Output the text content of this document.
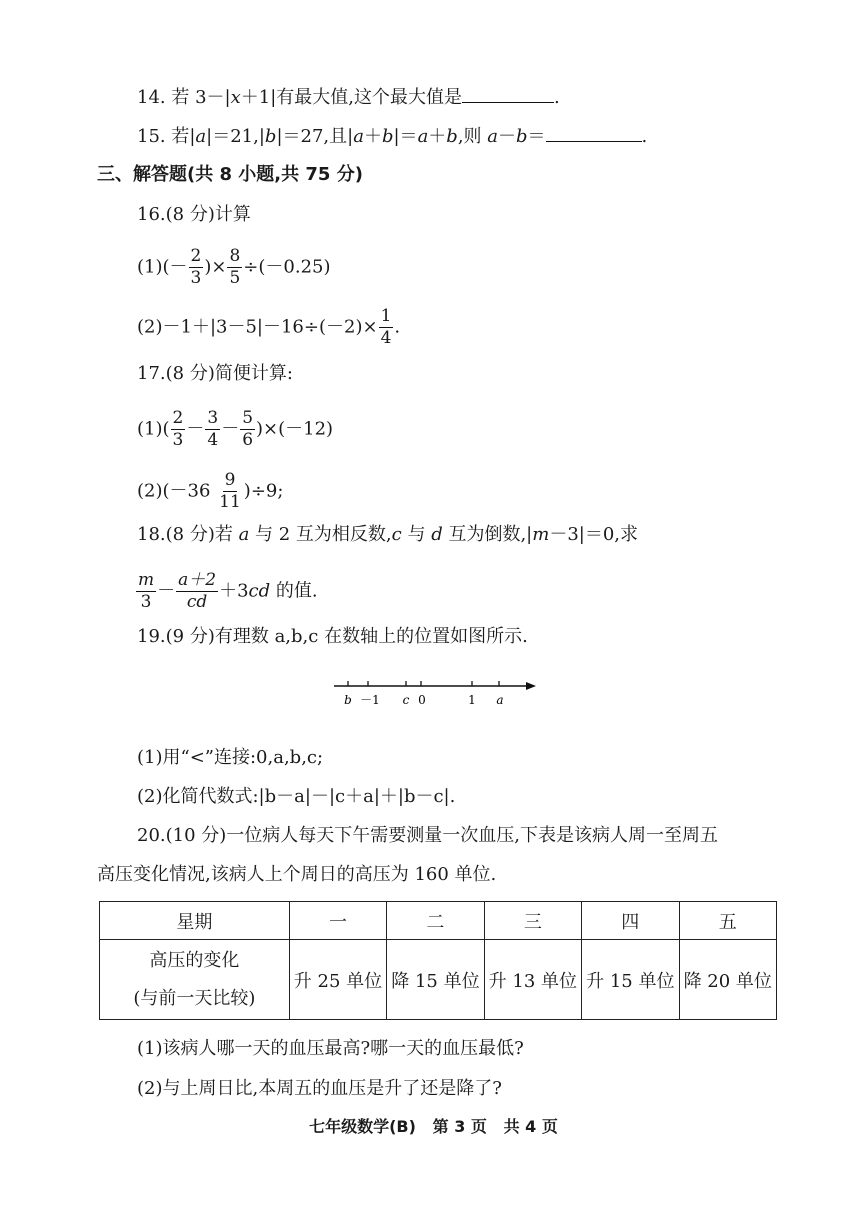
14. 若 3－|x＋1|有最大值,这个最大值是	.
15. 若|a|＝21,|b|＝27,且|a＋b|＝a＋b,则 a－b＝	.
三、解答题(共 8 小题,共 75 分)
16.(8 分)计算
$(1)(- \frac{2}{3}$ )× $\frac{8}{5} \div(-0.25)$
$(2)-1+|3-5|-16\div(-2)\times \frac{1}{4}$ .
17.(8 分)简便计算:
$(1)( \frac{2}{3} - \frac{3}{4} - \frac{5}{6} )\times(-12)$
$(2)(-36 \frac{9}{11} )\div 9$;
18.(8 分)若 a 与 2 互为相反数,c 与 d 互为倒数,|m－3|＝0,求
$\frac{m}{3} - \frac{a+2}{cd} +3cd$ 的值.
19.(9 分)有理数 a,b,c 在数轴上的位置如图所示.
b －1 c 0	1 a
(1)用“<”连接:0,a,b,c;
(2)化简代数式:|b－a|－|c＋a|＋|b－c|.
20.(10 分)一位病人每天下午需要测量一次血压,下表是该病人周一至周五
高压变化情况,该病人上个周日的高压为 160 单位.
星期	一	二	三	四	五

高压的变化
(与前一天比较)	升 25 单位	降 15 单位	升 13 单位	升 15 单位	降 20 单位
(1)该病人哪一天的血压最高?哪一天的血压最低?
(2)与上周日比,本周五的血压是升了还是降了?
七年级数学(B)   第 3 页   共 4 页
